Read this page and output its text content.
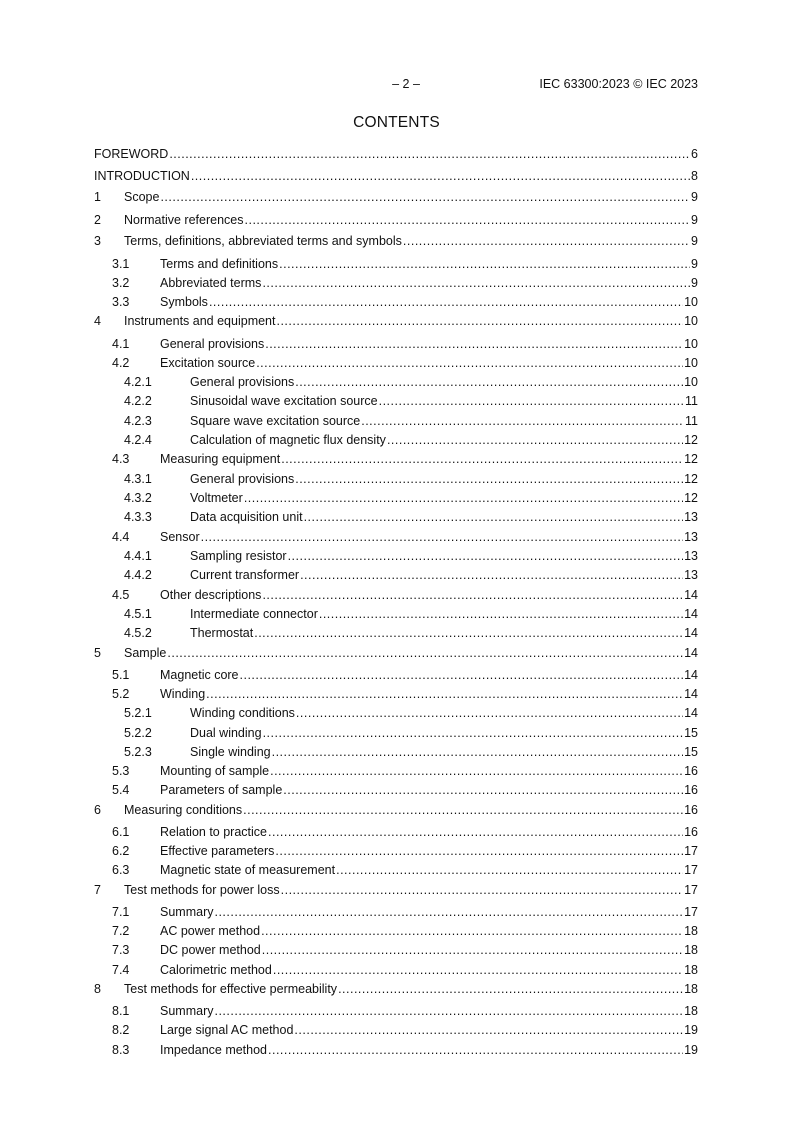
– 2 –	IEC 63300:2023 © IEC 2023
CONTENTS
FOREWORD .....	6
INTRODUCTION .....	8
1	Scope .....	9
2	Normative references .....	9
3	Terms, definitions, abbreviated terms and symbols .....	9
3.1	Terms and definitions .....	9
3.2	Abbreviated terms .....	9
3.3	Symbols .....	10
4	Instruments and equipment .....	10
4.1	General provisions .....	10
4.2	Excitation source .....	10
4.2.1	General provisions .....	10
4.2.2	Sinusoidal wave excitation source .....	11
4.2.3	Square wave excitation source .....	11
4.2.4	Calculation of magnetic flux density .....	12
4.3	Measuring equipment .....	12
4.3.1	General provisions .....	12
4.3.2	Voltmeter .....	12
4.3.3	Data acquisition unit .....	13
4.4	Sensor .....	13
4.4.1	Sampling resistor .....	13
4.4.2	Current transformer .....	13
4.5	Other descriptions .....	14
4.5.1	Intermediate connector .....	14
4.5.2	Thermostat .....	14
5	Sample .....	14
5.1	Magnetic core .....	14
5.2	Winding .....	14
5.2.1	Winding conditions .....	14
5.2.2	Dual winding .....	15
5.2.3	Single winding .....	15
5.3	Mounting of sample .....	16
5.4	Parameters of sample .....	16
6	Measuring conditions .....	16
6.1	Relation to practice .....	16
6.2	Effective parameters .....	17
6.3	Magnetic state of measurement .....	17
7	Test methods for power loss .....	17
7.1	Summary .....	17
7.2	AC power method .....	18
7.3	DC power method .....	18
7.4	Calorimetric method .....	18
8	Test methods for effective permeability .....	18
8.1	Summary .....	18
8.2	Large signal AC method .....	19
8.3	Impedance method .....	19
